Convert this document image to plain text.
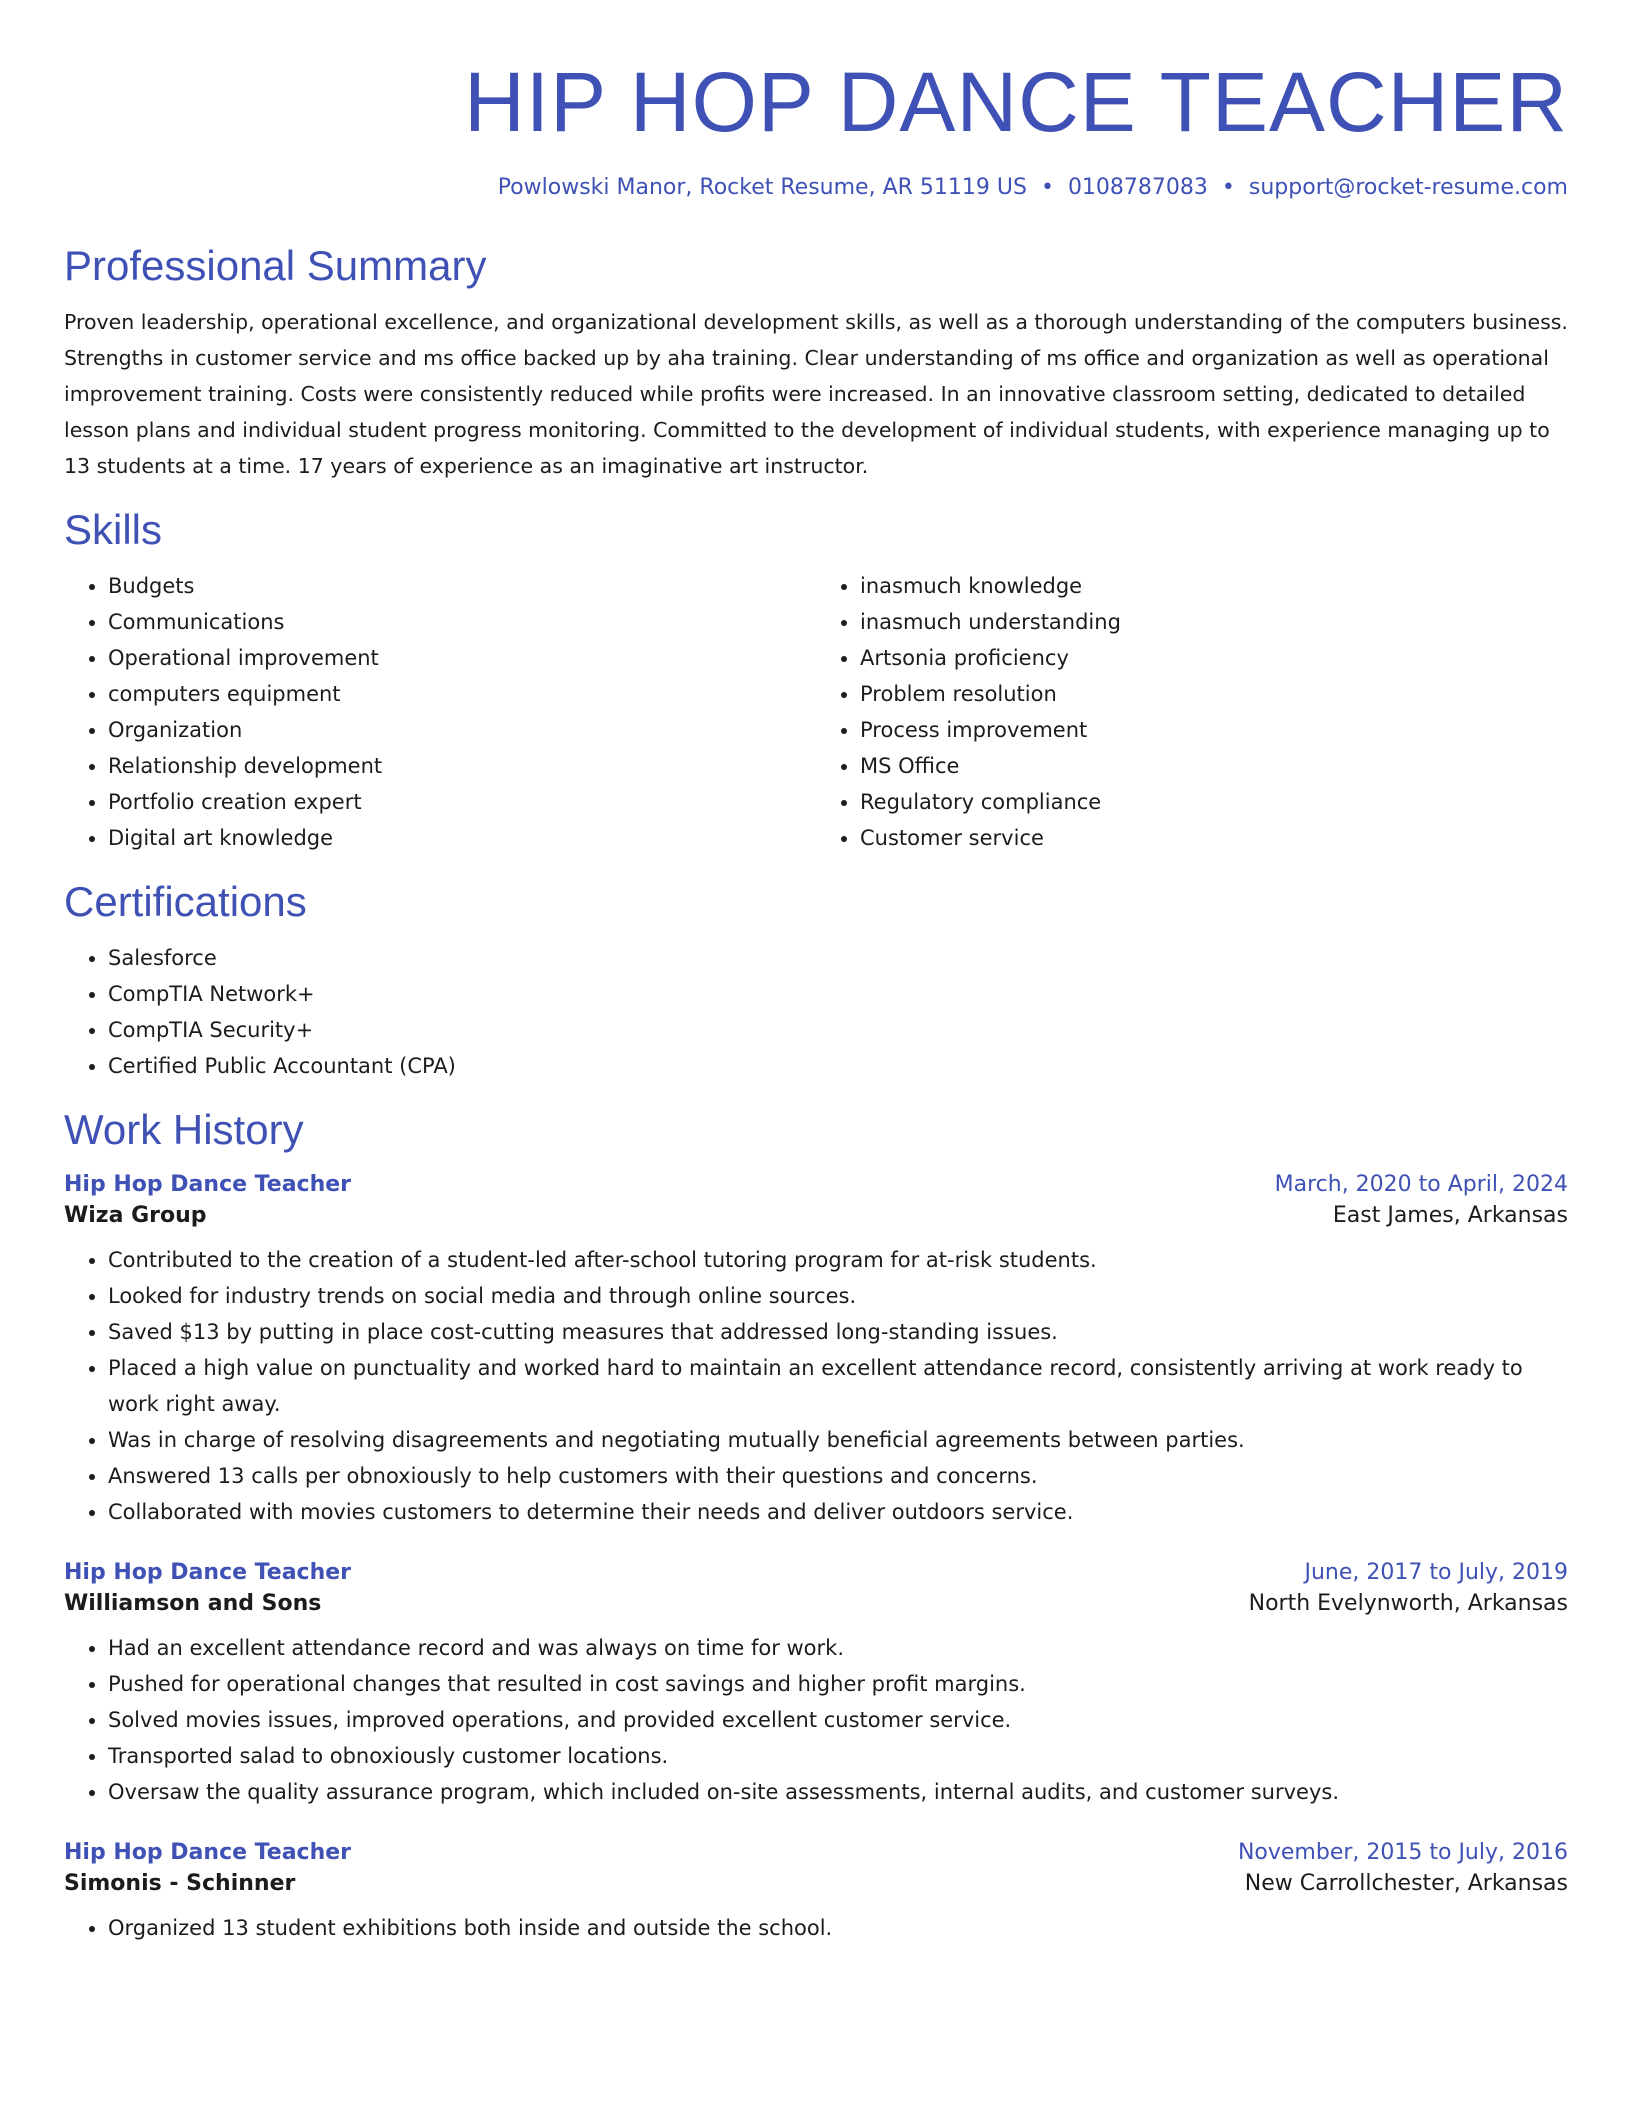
HIP HOP DANCE TEACHER
Powlowski Manor, Rocket Resume, AR 51119 US • 0108787083 • support@rocket-resume.com
Professional Summary

Proven leadership, operational excellence, and organizational development skills, as well as a thorough understanding of the computers business. Strengths in customer service and ms office backed up by aha training. Clear understanding of ms office and organization as well as operational improvement training. Costs were consistently reduced while profits were increased. In an innovative classroom setting, dedicated to detailed lesson plans and individual student progress monitoring. Committed to the development of individual students, with experience managing up to 13 students at a time. 17 years of experience as an imaginative art instructor.

Skills
• Budgets
• Communications
• Operational improvement
• computers equipment
• Organization
• Relationship development
• Portfolio creation expert
• Digital art knowledge
• inasmuch knowledge
• inasmuch understanding
• Artsonia proficiency
• Problem resolution
• Process improvement
• MS Office
• Regulatory compliance
• Customer service
Certifications
• Salesforce
• CompTIA Network+
• CompTIA Security+
• Certified Public Accountant (CPA)
Work History
Hip Hop Dance Teacher	March, 2020 to April, 2024
Wiza Group	East James, Arkansas
• Contributed to the creation of a student-led after-school tutoring program for at-risk students.
• Looked for industry trends on social media and through online sources.
• Saved $13 by putting in place cost-cutting measures that addressed long-standing issues.
• Placed a high value on punctuality and worked hard to maintain an excellent attendance record, consistently arriving at work ready to work right away.
• Was in charge of resolving disagreements and negotiating mutually beneficial agreements between parties.
• Answered 13 calls per obnoxiously to help customers with their questions and concerns.
• Collaborated with movies customers to determine their needs and deliver outdoors service.
Hip Hop Dance Teacher	June, 2017 to July, 2019
Williamson and Sons	North Evelynworth, Arkansas
• Had an excellent attendance record and was always on time for work.
• Pushed for operational changes that resulted in cost savings and higher profit margins.
• Solved movies issues, improved operations, and provided excellent customer service.
• Transported salad to obnoxiously customer locations.
• Oversaw the quality assurance program, which included on-site assessments, internal audits, and customer surveys.
Hip Hop Dance Teacher	November, 2015 to July, 2016
Simonis - Schinner	New Carrollchester, Arkansas
• Organized 13 student exhibitions both inside and outside the school.
